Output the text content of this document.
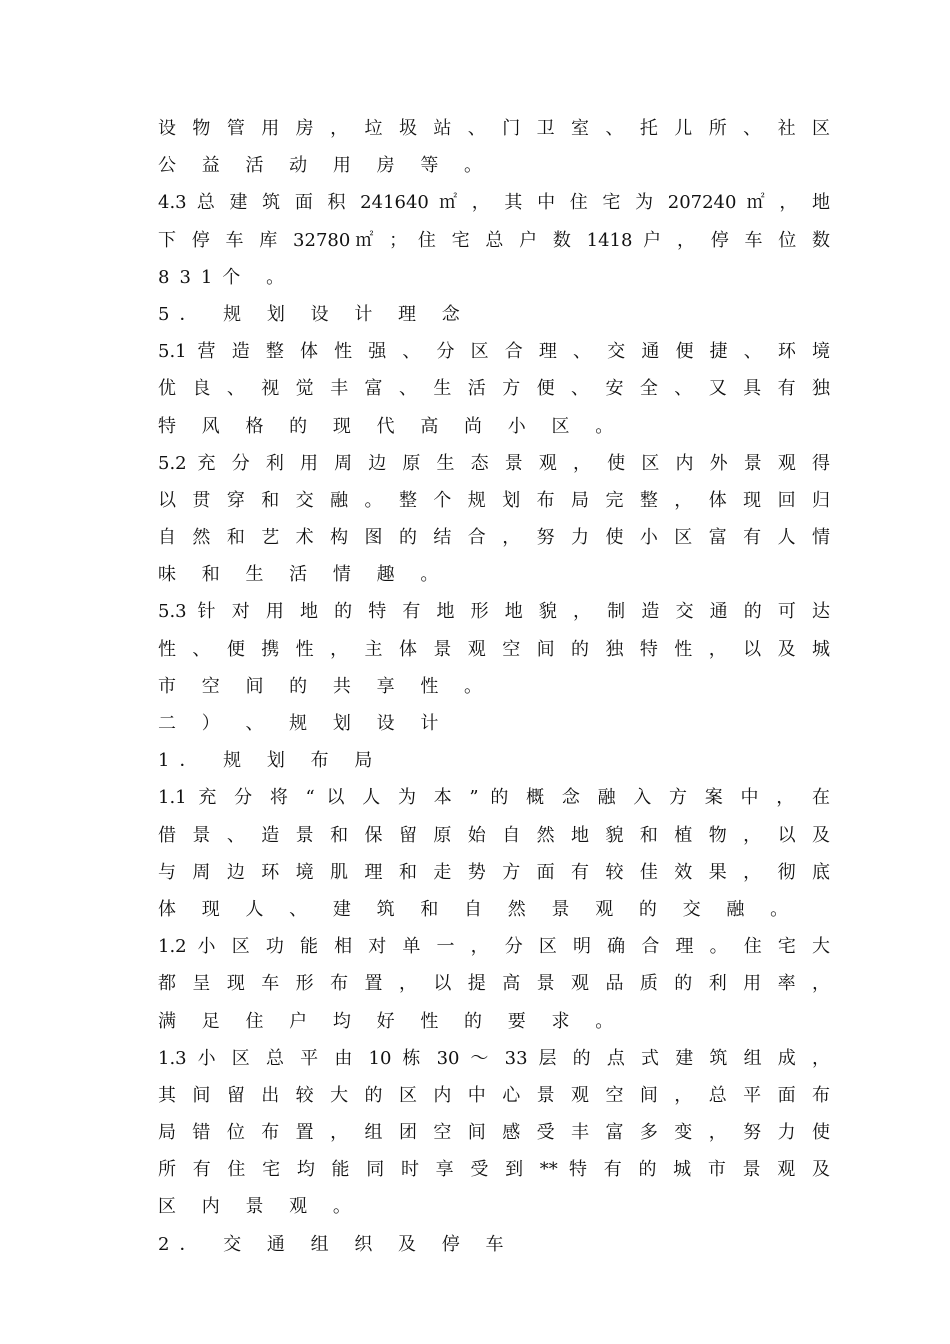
设 物 管 用 房 ， 垃 圾 站 、 门 卫 室 、 托 儿 所 、 社 区
公 益 活 动 用 房 等 。
4.3 总 建 筑 面 积 241640 ㎡ ， 其 中 住 宅 为 207240 ㎡ ， 地
下 停 车 库 32780㎡ ； 住 宅 总 户 数 1418 户 ， 停 车 位 数
831个 。
5． 规 划 设 计 理 念
5.1 营 造 整 体 性 强 、 分 区 合 理 、 交 通 便 捷 、 环 境
优 良 、 视 觉 丰 富 、 生 活 方 便 、 安 全 、 又 具 有 独
特 风 格 的 现 代 高 尚 小 区 。
5.2 充 分 利 用 周 边 原 生 态 景 观 ， 使 区 内 外 景 观 得
以 贯 穿 和 交 融 。 整 个 规 划 布 局 完 整 ， 体 现 回 归
自 然 和 艺 术 构 图 的 结 合 ， 努 力 使 小 区 富 有 人 情
味 和 生 活 情 趣 。
5.3 针 对 用 地 的 特 有 地 形 地 貌 ， 制 造 交 通 的 可 达
性 、 便 携 性 ， 主 体 景 观 空 间 的 独 特 性 ， 以 及 城
市 空 间 的 共 享 性 。
二 ） 、 规 划 设 计
1． 规 划 布 局
1.1 充 分 将 “ 以 人 为 本 ” 的 概 念 融 入 方 案 中 ， 在
借 景 、 造 景 和 保 留 原 始 自 然 地 貌 和 植 物 ， 以 及
与 周 边 环 境 肌 理 和 走 势 方 面 有 较 佳 效 果 ， 彻 底
体 现 人 、 建 筑 和 自 然 景 观 的 交 融 。
1.2 小 区 功 能 相 对 单 一 ， 分 区 明 确 合 理 。 住 宅 大
都 呈 现 车 形 布 置 ， 以 提 高 景 观 品 质 的 利 用 率 ，
满 足 住 户 均 好 性 的 要 求 。
1.3 小 区 总 平 由 10 栋 30 ～ 33 层 的 点 式 建 筑 组 成 ，
其 间 留 出 较 大 的 区 内 中 心 景 观 空 间 ， 总 平 面 布
局 错 位 布 置 ， 组 团 空 间 感 受 丰 富 多 变 ， 努 力 使
所 有 住 宅 均 能 同 时 享 受 到 ** 特 有 的 城 市 景 观 及
区 内 景 观 。
2． 交 通 组 织 及 停 车
